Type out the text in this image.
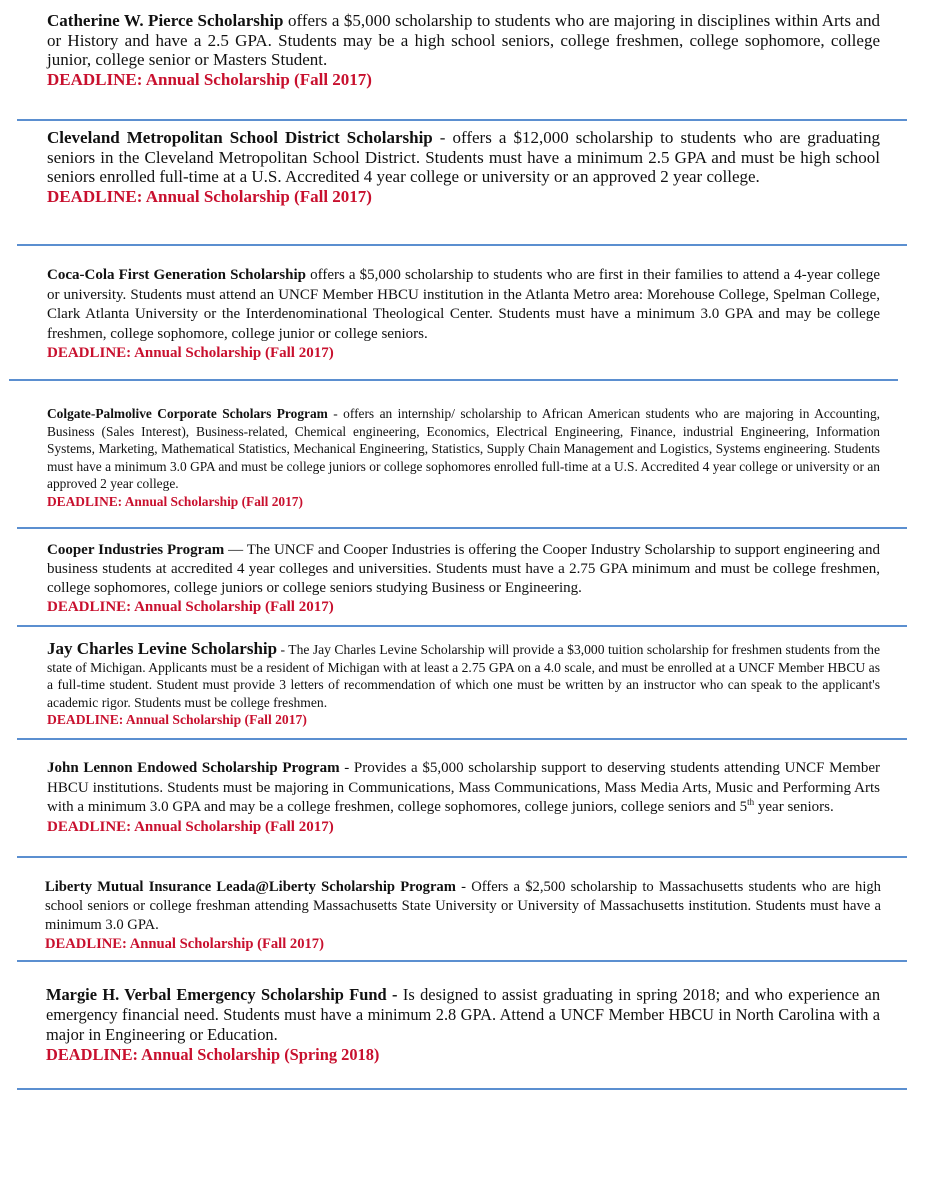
Catherine W. Pierce Scholarship offers a $5,000 scholarship to students who are majoring in disciplines within Arts and or History and have a 2.5 GPA. Students may be a high school seniors, college freshmen, college sophomore, college junior, college senior or Masters Student.

DEADLINE: Annual Scholarship (Fall 2017)

Cleveland Metropolitan School District Scholarship - offers a $12,000 scholarship to students who are graduating seniors in the Cleveland Metropolitan School District. Students must have a minimum 2.5 GPA and must be high school seniors enrolled full-time at a U.S. Accredited 4 year college or university or an approved 2 year college.

DEADLINE: Annual Scholarship (Fall 2017)

Coca-Cola First Generation Scholarship offers a $5,000 scholarship to students who are first in their families to attend a 4-year college or university. Students must attend an UNCF Member HBCU institution in the Atlanta Metro area: Morehouse College, Spelman College, Clark Atlanta University or the Interdenominational Theological Center. Students must have a minimum 3.0 GPA and may be college freshmen, college sophomore, college junior or college seniors.

DEADLINE: Annual Scholarship (Fall 2017)

Colgate-Palmolive Corporate Scholars Program - offers an internship/ scholarship to African American students who are majoring in Accounting, Business (Sales Interest), Business-related, Chemical engineering, Economics, Electrical Engineering, Finance, industrial Engineering, Information Systems, Marketing, Mathematical Statistics, Mechanical Engineering, Statistics, Supply Chain Management and Logistics, Systems engineering. Students must have a minimum 3.0 GPA and must be college juniors or college sophomores enrolled full-time at a U.S. Accredited 4 year college or university or an approved 2 year college.

DEADLINE: Annual Scholarship (Fall 2017)

Cooper Industries Program — The UNCF and Cooper Industries is offering the Cooper Industry Scholarship to support engineering and business students at accredited 4 year colleges and universities. Students must have a 2.75 GPA minimum and must be college freshmen, college sophomores, college juniors or college seniors studying Business or Engineering.

DEADLINE: Annual Scholarship (Fall 2017)

Jay Charles Levine Scholarship - The Jay Charles Levine Scholarship will provide a $3,000 tuition scholarship for freshmen students from the state of Michigan. Applicants must be a resident of Michigan with at least a 2.75 GPA on a 4.0 scale, and must be enrolled at a UNCF Member HBCU as a full-time student. Student must provide 3 letters of recommendation of which one must be written by an instructor who can speak to the applicant's academic rigor. Students must be college freshmen.

DEADLINE: Annual Scholarship (Fall 2017)

John Lennon Endowed Scholarship Program - Provides a $5,000 scholarship support to deserving students attending UNCF Member HBCU institutions. Students must be majoring in Communications, Mass Communications, Mass Media Arts, Music and Performing Arts with a minimum 3.0 GPA and may be a college freshmen, college sophomores, college juniors, college seniors and 5th year seniors.

DEADLINE: Annual Scholarship (Fall 2017)

Liberty Mutual Insurance Leada@Liberty Scholarship Program - Offers a $2,500 scholarship to Massachusetts students who are high school seniors or college freshman attending Massachusetts State University or University of Massachusetts institution. Students must have a minimum 3.0 GPA.

DEADLINE: Annual Scholarship (Fall 2017)

Margie H. Verbal Emergency Scholarship Fund - Is designed to assist graduating in spring 2018; and who experience an emergency financial need. Students must have a minimum 2.8 GPA. Attend a UNCF Member HBCU in North Carolina with a major in Engineering or Education.

DEADLINE: Annual Scholarship (Spring 2018)
